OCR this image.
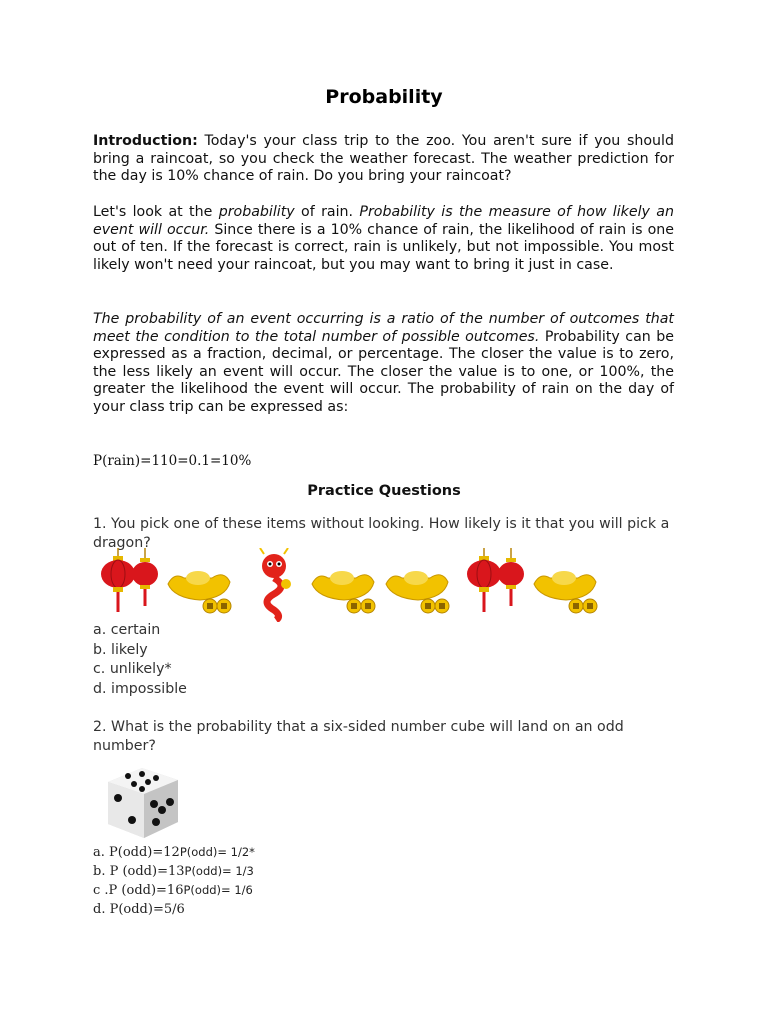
Probability

Introduction: Today's your class trip to the zoo. You aren't sure if you should bring a raincoat, so you check the weather forecast. The weather prediction for the day is 10% chance of rain. Do you bring your raincoat?

Let's look at the probability of rain. Probability is the measure of how likely an event will occur. Since there is a 10% chance of rain, the likelihood of rain is one out of ten. If the forecast is correct, rain is unlikely, but not impossible. You most likely won't need your raincoat, but you may want to bring it just in case.

The probability of an event occurring is a ratio of the number of outcomes that meet the condition to the total number of possible outcomes. Probability can be expressed as a fraction, decimal, or percentage. The closer the value is to zero, the less likely an event will occur. The closer the value is to one, or 100%, the greater the likelihood the event will occur. The probability of rain on the day of your class trip can be expressed as:

P(rain)=110=0.1=10%
Practice Questions

1. You pick one of these items without looking. How likely is it that you will pick a dragon?

a. certain
b. likely
c. unlikely*
d. impossible

2. What is the probability that a six-sided number cube will land on an odd number?

a. P(odd)=12P(odd)= 1/2*
b. P (odd)=13P(odd)= 1/3
c .P (odd)=16P(odd)= 1/6
d. P(odd)=5/6
